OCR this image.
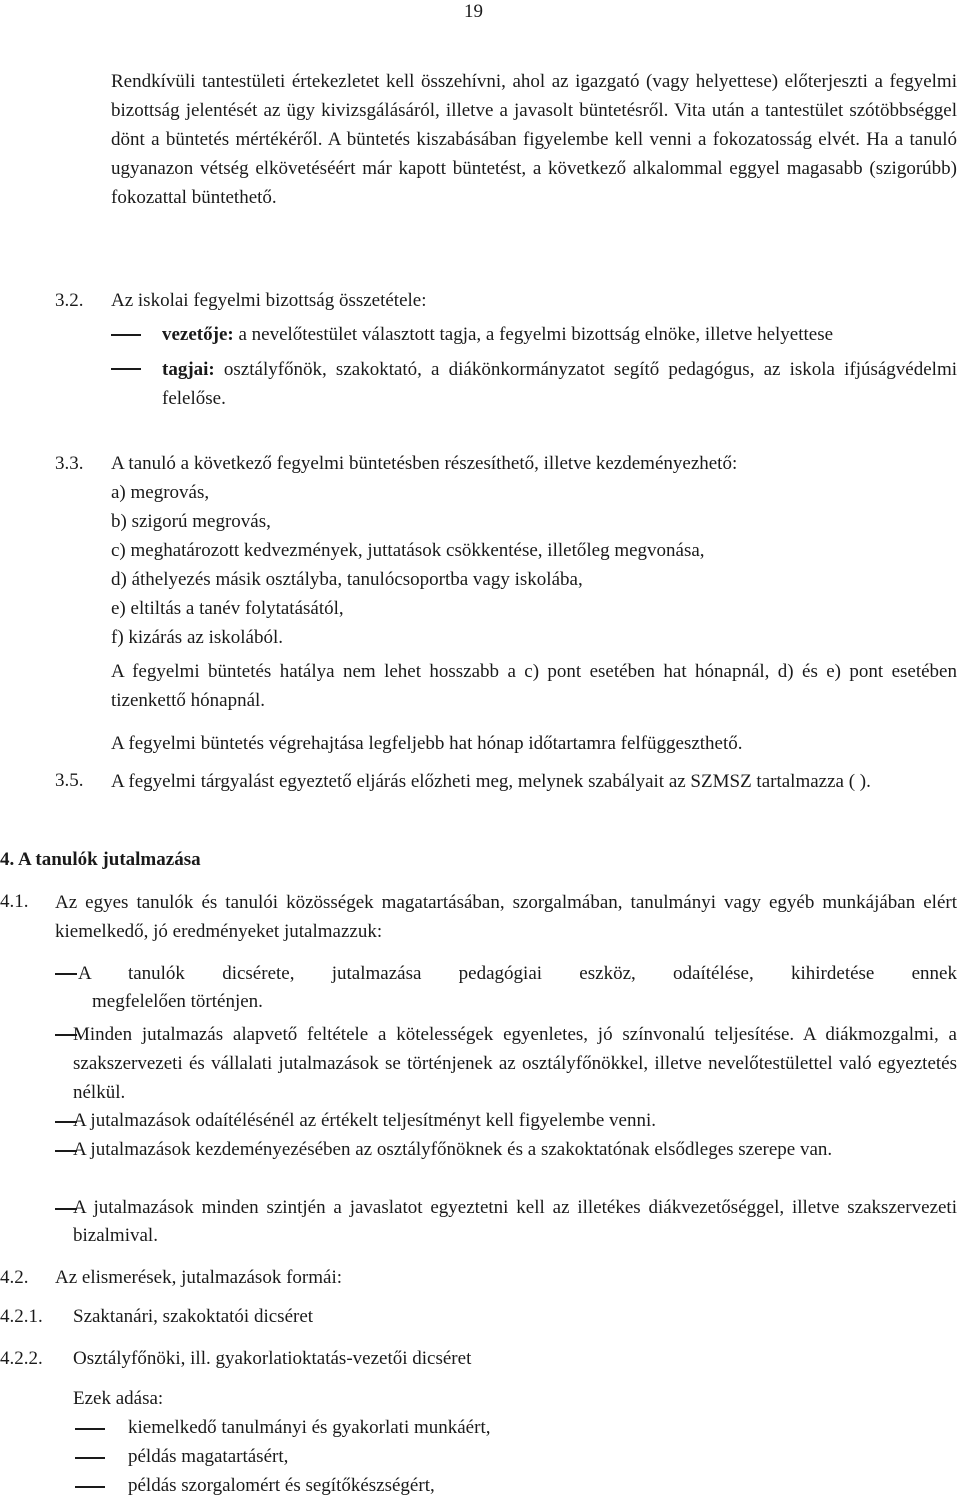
19
Rendkívüli tantestületi értekezletet kell összehívni, ahol az igazgató (vagy helyettese) előterjeszti a fegyelmi bizottság jelentését az ügy kivizsgálásáról, illetve a javasolt büntetésről. Vita után a tantestület szótöbbséggel dönt a büntetés mértékéről. A büntetés kiszabásában figyelembe kell venni a fokozatosság elvét. Ha a tanuló ugyanazon vétség elkövetéséért már kapott büntetést, a következő alkalommal eggyel magasabb (szigorúbb) fokozattal büntethető.
3.2. Az iskolai fegyelmi bizottság összetétele:
vezetője: a nevelőtestület választott tagja, a fegyelmi bizottság elnöke, illetve helyettese
tagjai: osztályfőnök, szakoktató, a diákönkormányzatot segítő pedagógus, az iskola ifjúságvédelmi felelőse.
3.3. A tanuló a következő fegyelmi büntetésben részesíthető, illetve kezdeményezhető:
a) megrovás,
b) szigorú megrovás,
c) meghatározott kedvezmények, juttatások csökkentése, illetőleg megvonása,
d) áthelyezés másik osztályba, tanulócsoportba vagy iskolába,
e) eltiltás a tanév folytatásától,
f) kizárás az iskolából.
A fegyelmi büntetés hatálya nem lehet hosszabb a c) pont esetében hat hónapnál, d) és e) pont esetében tizenkettő hónapnál.
A fegyelmi büntetés végrehajtása legfeljebb hat hónap időtartamra felfüggeszthető.
3.5. A fegyelmi tárgyalást egyeztető eljárás előzheti meg, melynek szabályait az SZMSZ tartalmazza ( ).
4. A tanulók jutalmazása
4.1. Az egyes tanulók és tanulói közösségek magatartásában, szorgalmában, tanulmányi vagy egyéb munkájában elért kiemelkedő, jó eredményeket jutalmazzuk:
A tanulók dicsérete, jutalmazása pedagógiai eszköz, odaítélése, kihirdetése ennek
megfelelően történjen.
Minden jutalmazás alapvető feltétele a kötelességek egyenletes, jó színvonalú teljesítése. A diákmozgalmi, a szakszervezeti és vállalati jutalmazások se történjenek az osztályfőnökkel, illetve nevelőtestülettel való egyeztetés nélkül.
A jutalmazások odaítélésénél az értékelt teljesítményt kell figyelembe venni.
A jutalmazások kezdeményezésében az osztályfőnöknek és a szakoktatónak elsődleges szerepe van.
A jutalmazások minden szintjén a javaslatot egyeztetni kell az illetékes diákvezetőséggel, illetve szakszervezeti bizalmival.
4.2. Az elismerések, jutalmazások formái:
4.2.1. Szaktanári, szakoktatói dicséret
4.2.2. Osztályfőnöki, ill. gyakorlatioktatás-vezetői dicséret
Ezek adása:
kiemelkedő tanulmányi és gyakorlati munkáért,
példás magatartásért,
példás szorgalomért és segítőkészségért,
